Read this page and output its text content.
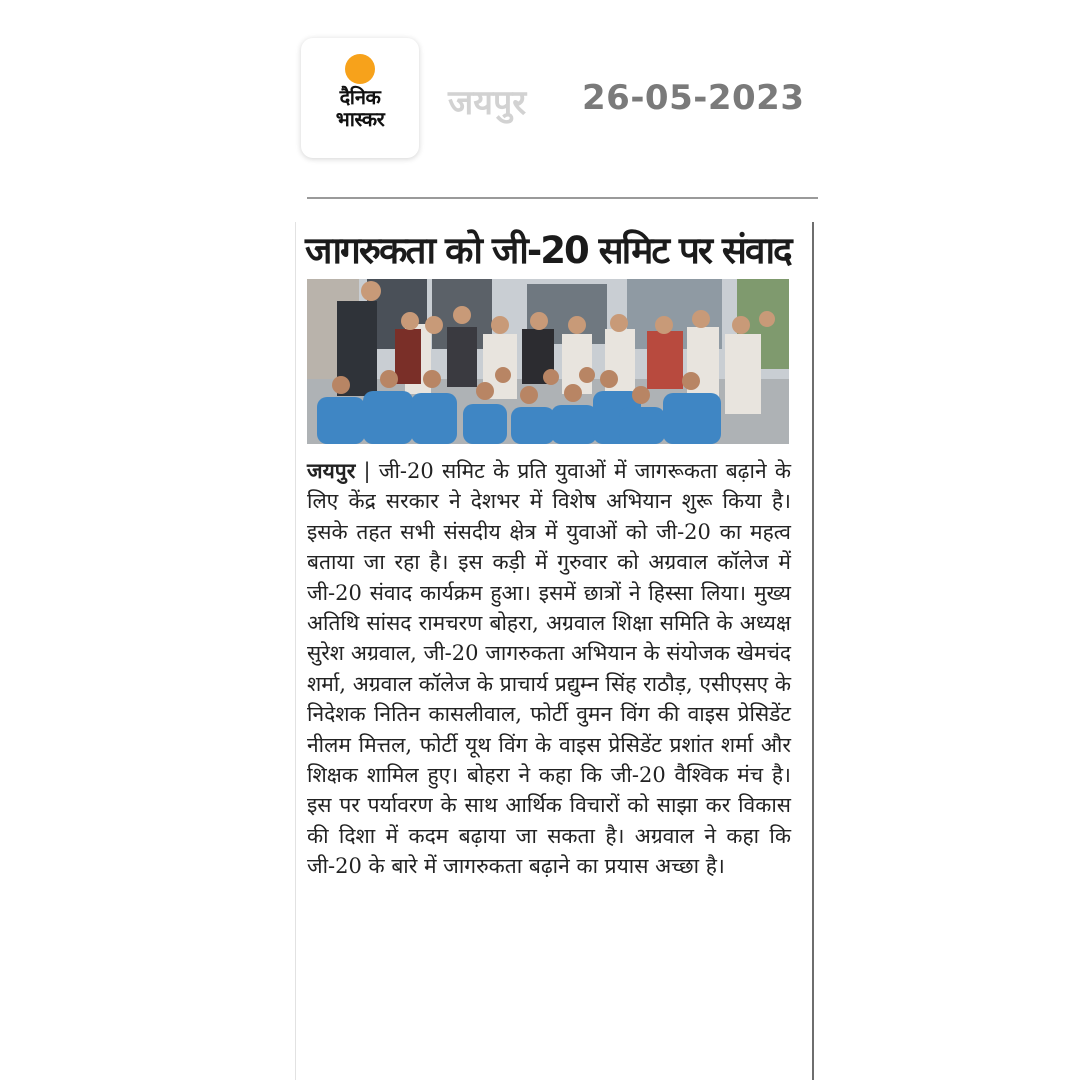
दैनिक
भास्कर जयपुर 26-05-2023
जागरुकता को जी-20 समिट पर संवाद
जयपुर | जी-20 समिट के प्रति युवाओं में जागरूकता बढ़ाने के लिए केंद्र सरकार ने देशभर में विशेष अभियान शुरू किया है। इसके तहत सभी संसदीय क्षेत्र में युवाओं को जी-20 का महत्व बताया जा रहा है। इस कड़ी में गुरुवार को अग्रवाल कॉलेज में जी-20 संवाद कार्यक्रम हुआ। इसमें छात्रों ने हिस्सा लिया। मुख्य अतिथि सांसद रामचरण बोहरा, अग्रवाल शिक्षा समिति के अध्यक्ष सुरेश अग्रवाल, जी-20 जागरुकता अभियान के संयोजक खेमचंद शर्मा, अग्रवाल कॉलेज के प्राचार्य प्रद्युम्न सिंह राठौड़, एसीएसए के निदेशक नितिन कासलीवाल, फोर्टी वुमन विंग की वाइस प्रेसिडेंट नीलम मित्तल, फोर्टी यूथ विंग के वाइस प्रेसिडेंट प्रशांत शर्मा और शिक्षक शामिल हुए। बोहरा ने कहा कि जी-20 वैश्विक मंच है। इस पर पर्यावरण के साथ आर्थिक विचारों को साझा कर विकास की दिशा में कदम बढ़ाया जा सकता है। अग्रवाल ने कहा कि जी-20 के बारे में जागरुकता बढ़ाने का प्रयास अच्छा है।
